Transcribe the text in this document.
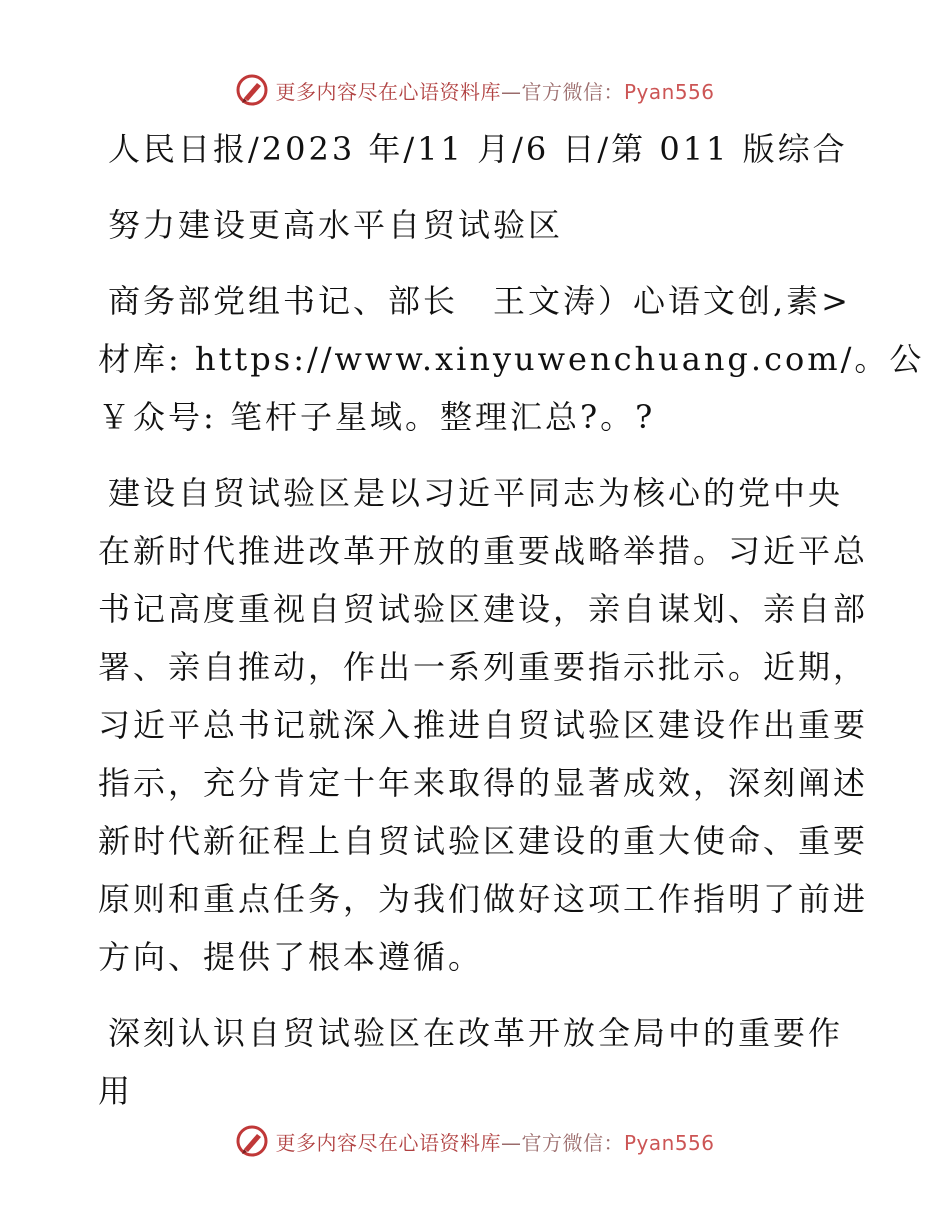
更多内容尽在心语资料库—官方微信：Pyan556
人民日报/2023 年/11 月/6 日/第 011 版综合
努力建设更高水平自贸试验区
商务部党组书记、部长　王文涛）心语文创,素>
材库: https://www.xinyuwenchuang.com/。公
￥众号: 笔杆子星域。整理汇总?。?
建设自贸试验区是以习近平同志为核心的党中央
在新时代推进改革开放的重要战略举措。习近平总
书记高度重视自贸试验区建设，亲自谋划、亲自部
署、亲自推动，作出一系列重要指示批示。近期，
习近平总书记就深入推进自贸试验区建设作出重要
指示，充分肯定十年来取得的显著成效，深刻阐述
新时代新征程上自贸试验区建设的重大使命、重要
原则和重点任务，为我们做好这项工作指明了前进
方向、提供了根本遵循。
深刻认识自贸试验区在改革开放全局中的重要作
用
更多内容尽在心语资料库—官方微信：Pyan556
